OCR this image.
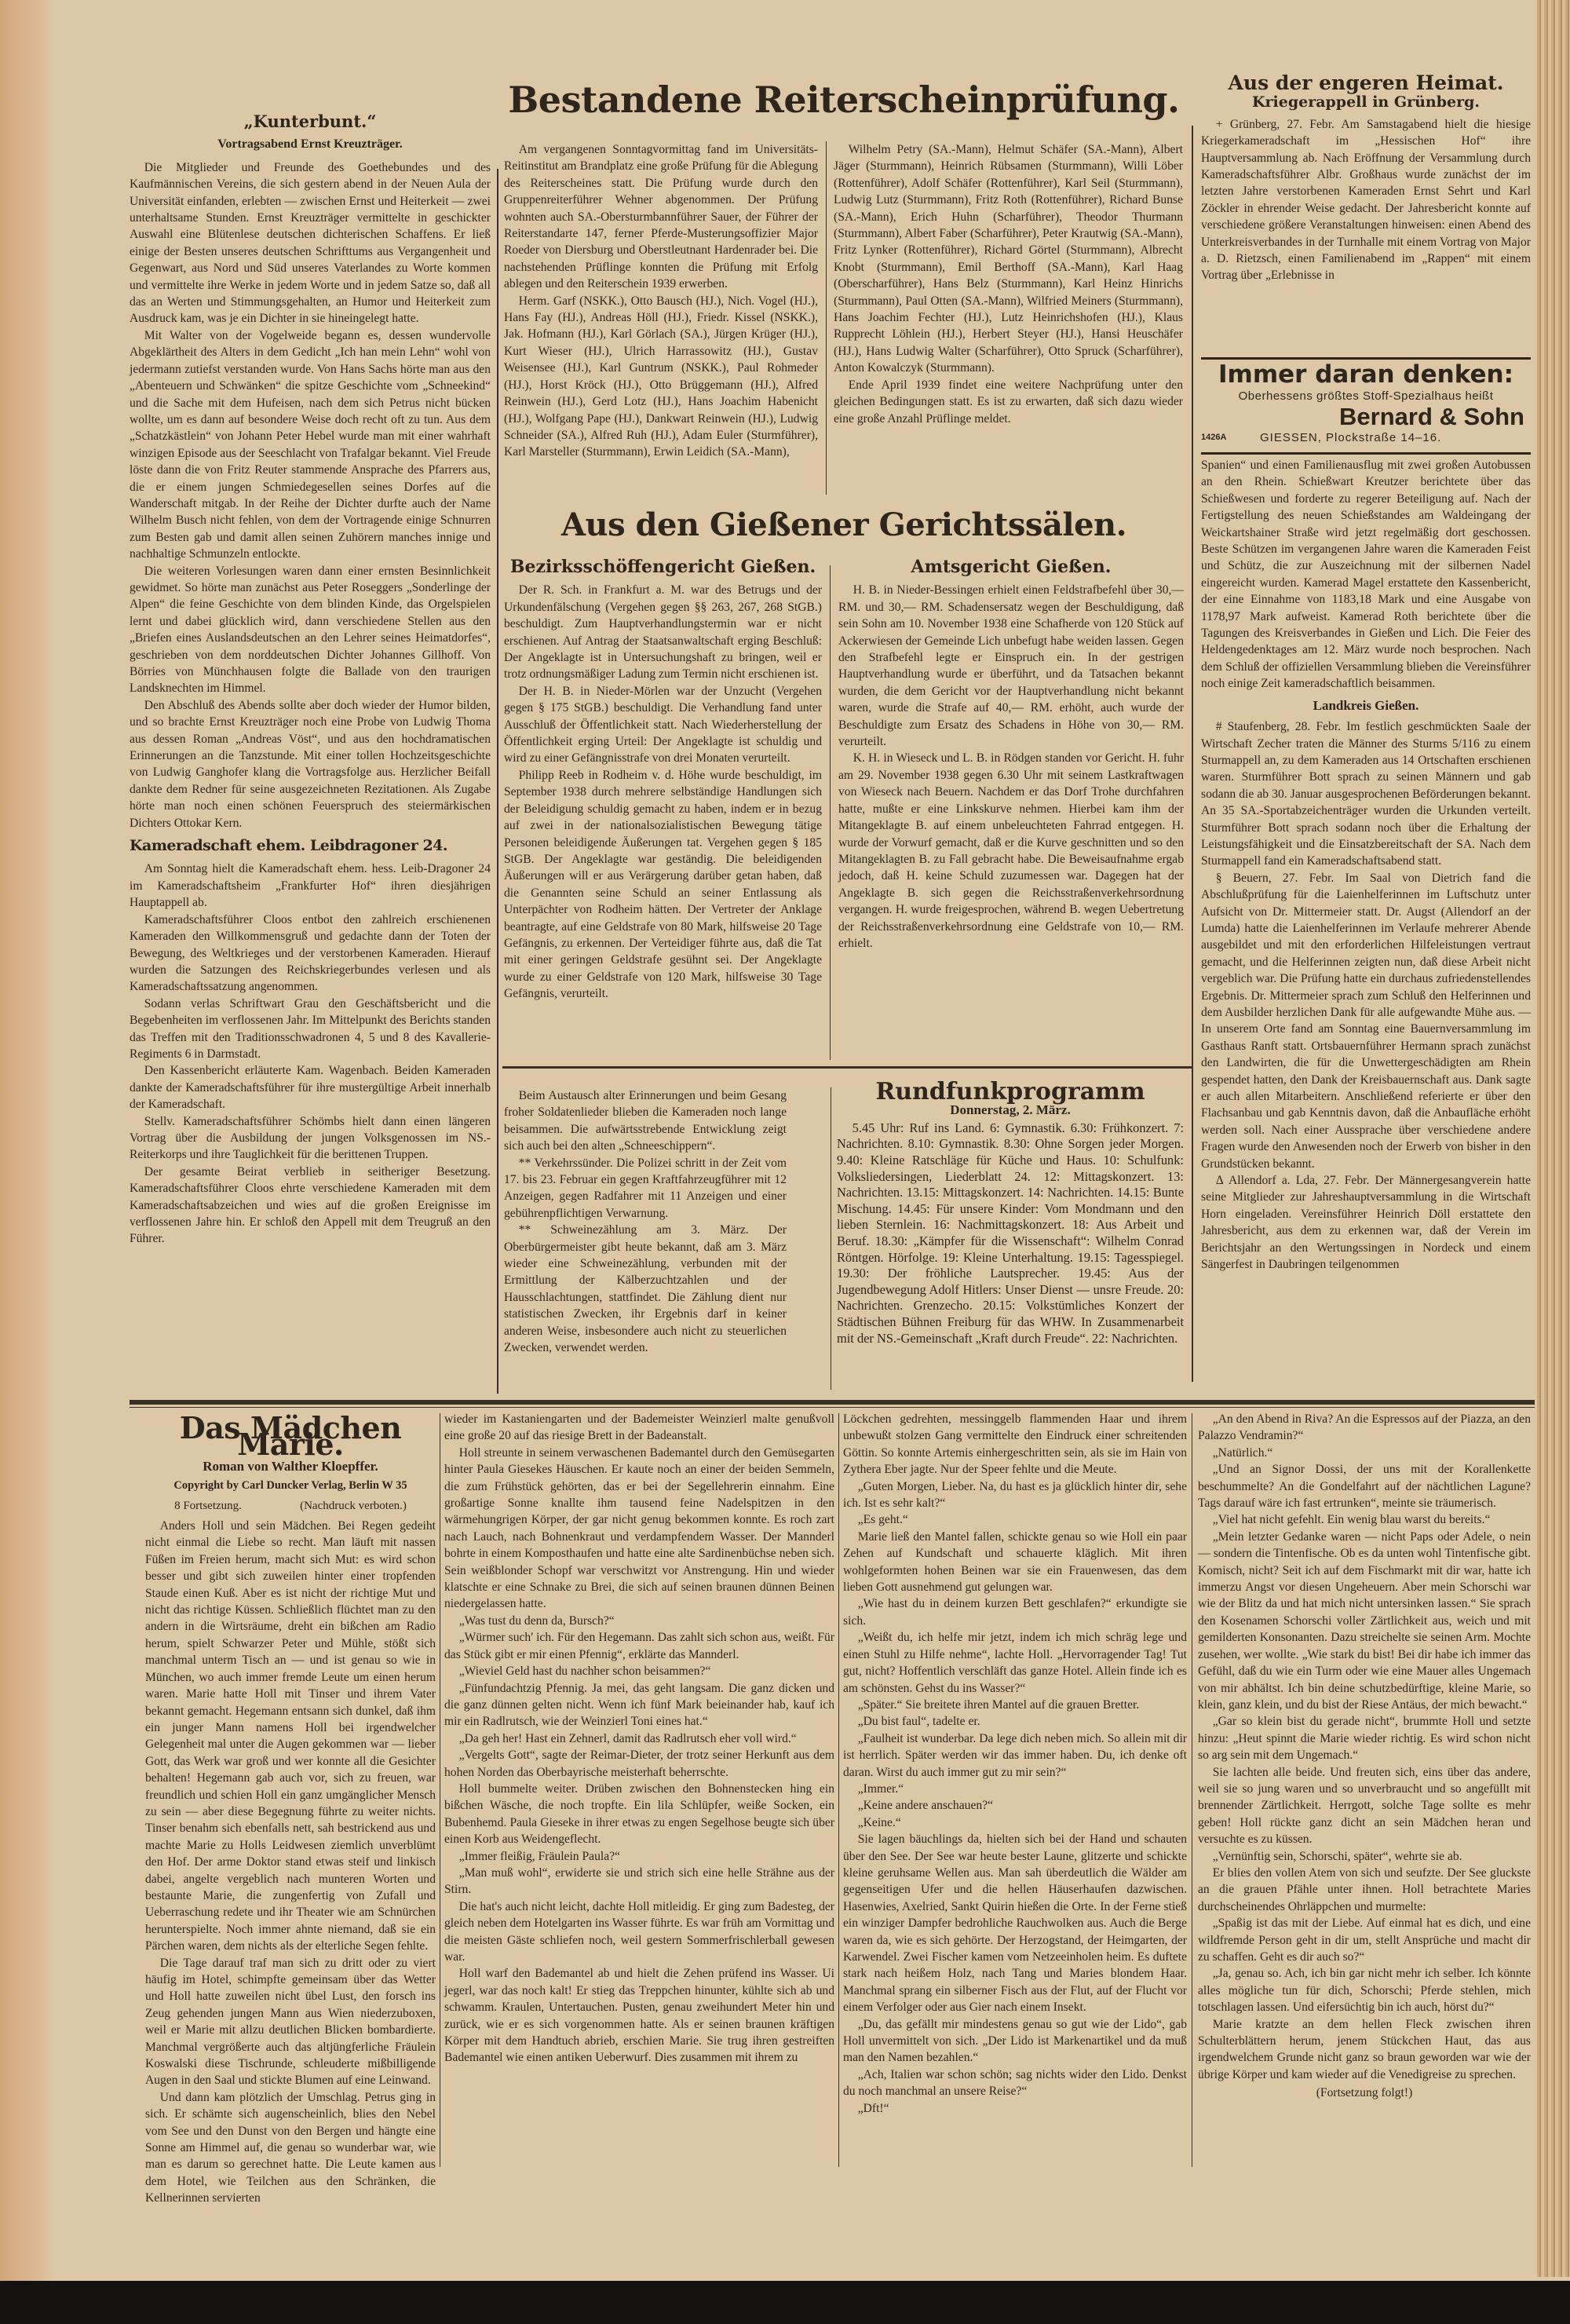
„Kunterbunt.“
Vortragsabend Ernst Kreuzträger.

Die Mitglieder und Freunde des Goethebundes und des Kaufmännischen Vereins, die sich gestern abend in der Neuen Aula der Universität einfanden, erlebten — zwischen Ernst und Heiterkeit — zwei unterhaltsame Stunden. Ernst Kreuzträger vermittelte in geschickter Auswahl eine Blütenlese deutschen dichterischen Schaffens. Er ließ einige der Besten unseres deutschen Schrifttums aus Vergangenheit und Gegenwart, aus Nord und Süd unseres Vaterlandes zu Worte kommen und vermittelte ihre Werke in jedem Worte und in jedem Satze so, daß all das an Werten und Stimmungsgehalten, an Humor und Heiterkeit zum Ausdruck kam, was je ein Dichter in sie hineingelegt hatte.

Mit Walter von der Vogelweide begann es, dessen wundervolle Abgeklärtheit des Alters in dem Gedicht „Ich han mein Lehn“ wohl von jedermann zutiefst verstanden wurde. Von Hans Sachs hörte man aus den „Abenteuern und Schwänken“ die spitze Geschichte vom „Schneekind“ und die Sache mit dem Hufeisen, nach dem sich Petrus nicht bücken wollte, um es dann auf besondere Weise doch recht oft zu tun. Aus dem „Schatzkästlein“ von Johann Peter Hebel wurde man mit einer wahrhaft winzigen Episode aus der Seeschlacht von Trafalgar bekannt. Viel Freude löste dann die von Fritz Reuter stammende Ansprache des Pfarrers aus, die er einem jungen Schmiedegesellen seines Dorfes auf die Wanderschaft mitgab. In der Reihe der Dichter durfte auch der Name Wilhelm Busch nicht fehlen, von dem der Vortragende einige Schnurren zum Besten gab und damit allen seinen Zuhörern manches innige und nachhaltige Schmunzeln entlockte.

Die weiteren Vorlesungen waren dann einer ernsten Besinnlichkeit gewidmet. So hörte man zunächst aus Peter Roseggers „Sonderlinge der Alpen“ die feine Geschichte von dem blinden Kinde, das Orgelspielen lernt und dabei glücklich wird, dann verschiedene Stellen aus den „Briefen eines Auslandsdeutschen an den Lehrer seines Heimatdorfes“, geschrieben von dem norddeutschen Dichter Johannes Gillhoff. Von Börries von Münchhausen folgte die Ballade von den traurigen Landsknechten im Himmel.

Den Abschluß des Abends sollte aber doch wieder der Humor bilden, und so brachte Ernst Kreuzträger noch eine Probe von Ludwig Thoma aus dessen Roman „Andreas Vöst“, und aus den hochdramatischen Erinnerungen an die Tanzstunde. Mit einer tollen Hochzeitsgeschichte von Ludwig Ganghofer klang die Vortragsfolge aus. Herzlicher Beifall dankte dem Redner für seine ausgezeichneten Rezitationen. Als Zugabe hörte man noch einen schönen Feuerspruch des steiermärkischen Dichters Ottokar Kern.

Kameradschaft ehem. Leibdragoner 24.

Am Sonntag hielt die Kameradschaft ehem. hess. Leib-Dragoner 24 im Kameradschaftsheim „Frankfurter Hof“ ihren diesjährigen Hauptappell ab.

Kameradschaftsführer Cloos entbot den zahlreich erschienenen Kameraden den Willkommensgruß und gedachte dann der Toten der Bewegung, des Weltkrieges und der verstorbenen Kameraden. Hierauf wurden die Satzungen des Reichskriegerbundes verlesen und als Kameradschaftssatzung angenommen.

Sodann verlas Schriftwart Grau den Geschäftsbericht und die Begebenheiten im verflossenen Jahr. Im Mittelpunkt des Berichts standen das Treffen mit den Traditionsschwadronen 4, 5 und 8 des Kavallerie-Regiments 6 in Darmstadt.

Den Kassenbericht erläuterte Kam. Wagenbach. Beiden Kameraden dankte der Kameradschaftsführer für ihre mustergültige Arbeit innerhalb der Kameradschaft.

Stellv. Kameradschaftsführer Schömbs hielt dann einen längeren Vortrag über die Ausbildung der jungen Volksgenossen im NS.-Reiterkorps und ihre Tauglichkeit für die berittenen Truppen.

Der gesamte Beirat verblieb in seitheriger Besetzung. Kameradschaftsführer Cloos ehrte verschiedene Kameraden mit dem Kameradschaftsabzeichen und wies auf die großen Ereignisse im verflossenen Jahre hin. Er schloß den Appell mit dem Treugruß an den Führer.

Bestandene Reiterscheinprüfung.

Am vergangenen Sonntagvormittag fand im Universitäts-Reitinstitut am Brandplatz eine große Prüfung für die Ablegung des Reiterscheines statt. Die Prüfung wurde durch den Gruppenreiterführer Wehner abgenommen. Der Prüfung wohnten auch SA.-Obersturmbannführer Sauer, der Führer der Reiterstandarte 147, ferner Pferde-Musterungsoffizier Major Roeder von Diersburg und Oberstleutnant Hardenrader bei. Die nachstehenden Prüflinge konnten die Prüfung mit Erfolg ablegen und den Reiterschein 1939 erwerben.

Herm. Garf (NSKK.), Otto Bausch (HJ.), Nich. Vogel (HJ.), Hans Fay (HJ.), Andreas Höll (HJ.), Friedr. Kissel (NSKK.), Jak. Hofmann (HJ.), Karl Görlach (SA.), Jürgen Krüger (HJ.), Kurt Wieser (HJ.), Ulrich Harrassowitz (HJ.), Gustav Weisensee (HJ.), Karl Guntrum (NSKK.), Paul Rohmeder (HJ.), Horst Kröck (HJ.), Otto Brüggemann (HJ.), Alfred Reinwein (HJ.), Gerd Lotz (HJ.), Hans Joachim Habenicht (HJ.), Wolfgang Pape (HJ.), Dankwart Reinwein (HJ.), Ludwig Schneider (SA.), Alfred Ruh (HJ.), Adam Euler (Sturmführer), Karl Marsteller (Sturmmann), Erwin Leidich (SA.-Mann),

Wilhelm Petry (SA.-Mann), Helmut Schäfer (SA.-Mann), Albert Jäger (Sturmmann), Heinrich Rübsamen (Sturmmann), Willi Löber (Rottenführer), Adolf Schäfer (Rottenführer), Karl Seil (Sturmmann), Ludwig Lutz (Sturmmann), Fritz Roth (Rottenführer), Richard Bunse (SA.-Mann), Erich Huhn (Scharführer), Theodor Thurmann (Sturmmann), Albert Faber (Scharführer), Peter Krautwig (SA.-Mann), Fritz Lynker (Rottenführer), Richard Görtel (Sturmmann), Albrecht Knobt (Sturmmann), Emil Berthoff (SA.-Mann), Karl Haag (Oberscharführer), Hans Belz (Sturmmann), Karl Heinz Hinrichs (Sturmmann), Paul Otten (SA.-Mann), Wilfried Meiners (Sturmmann), Hans Joachim Fechter (HJ.), Lutz Heinrichshofen (HJ.), Klaus Rupprecht Löhlein (HJ.), Herbert Steyer (HJ.), Hansi Heuschäfer (HJ.), Hans Ludwig Walter (Scharführer), Otto Spruck (Scharführer), Anton Kowalczyk (Sturmmann).

Ende April 1939 findet eine weitere Nachprüfung unter den gleichen Bedingungen statt. Es ist zu erwarten, daß sich dazu wieder eine große Anzahl Prüflinge meldet.

Aus den Gießener Gerichtssälen.
Bezirksschöffengericht Gießen.

Der R. Sch. in Frankfurt a. M. war des Betrugs und der Urkundenfälschung (Vergehen gegen §§ 263, 267, 268 StGB.) beschuldigt. Zum Hauptverhandlungstermin war er nicht erschienen. Auf Antrag der Staatsanwaltschaft erging Beschluß: Der Angeklagte ist in Untersuchungshaft zu bringen, weil er trotz ordnungsmäßiger Ladung zum Termin nicht erschienen ist.

Der H. B. in Nieder-Mörlen war der Unzucht (Vergehen gegen § 175 StGB.) beschuldigt. Die Verhandlung fand unter Ausschluß der Öffentlichkeit statt. Nach Wiederherstellung der Öffentlichkeit erging Urteil: Der Angeklagte ist schuldig und wird zu einer Gefängnisstrafe von drei Monaten verurteilt.

Philipp Reeb in Rodheim v. d. Höhe wurde beschuldigt, im September 1938 durch mehrere selbständige Handlungen sich der Beleidigung schuldig gemacht zu haben, indem er in bezug auf zwei in der nationalsozialistischen Bewegung tätige Personen beleidigende Äußerungen tat. Vergehen gegen § 185 StGB. Der Angeklagte war geständig. Die beleidigenden Äußerungen will er aus Verärgerung darüber getan haben, daß die Genannten seine Schuld an seiner Entlassung als Unterpächter von Rodheim hätten. Der Vertreter der Anklage beantragte, auf eine Geldstrafe von 80 Mark, hilfsweise 20 Tage Gefängnis, zu erkennen. Der Verteidiger führte aus, daß die Tat mit einer geringen Geldstrafe gesühnt sei. Der Angeklagte wurde zu einer Geldstrafe von 120 Mark, hilfsweise 30 Tage Gefängnis, verurteilt.

Amtsgericht Gießen.

H. B. in Nieder-Bessingen erhielt einen Feldstrafbefehl über 30,— RM. und 30,— RM. Schadensersatz wegen der Beschuldigung, daß sein Sohn am 10. November 1938 eine Schafherde von 120 Stück auf Ackerwiesen der Gemeinde Lich unbefugt habe weiden lassen. Gegen den Strafbefehl legte er Einspruch ein. In der gestrigen Hauptverhandlung wurde er überführt, und da Tatsachen bekannt wurden, die dem Gericht vor der Hauptverhandlung nicht bekannt waren, wurde die Strafe auf 40,— RM. erhöht, auch wurde der Beschuldigte zum Ersatz des Schadens in Höhe von 30,— RM. verurteilt.

K. H. in Wieseck und L. B. in Rödgen standen vor Gericht. H. fuhr am 29. November 1938 gegen 6.30 Uhr mit seinem Lastkraftwagen von Wieseck nach Beuern. Nachdem er das Dorf Trohe durchfahren hatte, mußte er eine Linkskurve nehmen. Hierbei kam ihm der Mitangeklagte B. auf einem unbeleuchteten Fahrrad entgegen. H. wurde der Vorwurf gemacht, daß er die Kurve geschnitten und so den Mitangeklagten B. zu Fall gebracht habe. Die Beweisaufnahme ergab jedoch, daß H. keine Schuld zuzumessen war. Dagegen hat der Angeklagte B. sich gegen die Reichsstraßenverkehrsordnung vergangen. H. wurde freigesprochen, während B. wegen Uebertretung der Reichsstraßenverkehrsordnung eine Geldstrafe von 10,— RM. erhielt.

Beim Austausch alter Erinnerungen und beim Gesang froher Soldatenlieder blieben die Kameraden noch lange beisammen. Die aufwärtsstrebende Entwicklung zeigt sich auch bei den alten „Schneeschippern“.

** Verkehrssünder. Die Polizei schritt in der Zeit vom 17. bis 23. Februar ein gegen Kraftfahrzeugführer mit 12 Anzeigen, gegen Radfahrer mit 11 Anzeigen und einer gebührenpflichtigen Verwarnung.

** Schweinezählung am 3. März. Der Oberbürgermeister gibt heute bekannt, daß am 3. März wieder eine Schweinezählung, verbunden mit der Ermittlung der Kälberzuchtzahlen und der Hausschlachtungen, stattfindet. Die Zählung dient nur statistischen Zwecken, ihr Ergebnis darf in keiner anderen Weise, insbesondere auch nicht zu steuerlichen Zwecken, verwendet werden.

Rundfunkprogramm
Donnerstag, 2. März.

5.45 Uhr: Ruf ins Land. 6: Gymnastik. 6.30: Frühkonzert. 7: Nachrichten. 8.10: Gymnastik. 8.30: Ohne Sorgen jeder Morgen. 9.40: Kleine Ratschläge für Küche und Haus. 10: Schulfunk: Volksliedersingen, Liederblatt 24. 12: Mittagskonzert. 13: Nachrichten. 13.15: Mittagskonzert. 14: Nachrichten. 14.15: Bunte Mischung. 14.45: Für unsere Kinder: Vom Mondmann und den lieben Sternlein. 16: Nachmittagskonzert. 18: Aus Arbeit und Beruf. 18.30: „Kämpfer für die Wissenschaft“: Wilhelm Conrad Röntgen. Hörfolge. 19: Kleine Unterhaltung. 19.15: Tagesspiegel. 19.30: Der fröhliche Lautsprecher. 19.45: Aus der Jugendbewegung Adolf Hitlers: Unser Dienst — unsre Freude. 20: Nachrichten. Grenzecho. 20.15: Volkstümliches Konzert der Städtischen Bühnen Freiburg für das WHW. In Zusammenarbeit mit der NS.-Gemeinschaft „Kraft durch Freude“. 22: Nachrichten.

Aus der engeren Heimat.
Kriegerappell in Grünberg.

+ Grünberg, 27. Febr. Am Samstagabend hielt die hiesige Kriegerkameradschaft im „Hessischen Hof“ ihre Hauptversammlung ab. Nach Eröffnung der Versammlung durch Kameradschaftsführer Albr. Großhaus wurde zunächst der im letzten Jahre verstorbenen Kameraden Ernst Sehrt und Karl Zöckler in ehrender Weise gedacht. Der Jahresbericht konnte auf verschiedene größere Veranstaltungen hinweisen: einen Abend des Unterkreisverbandes in der Turnhalle mit einem Vortrag von Major a. D. Rietzsch, einen Familienabend im „Rappen“ mit einem Vortrag über „Erlebnisse in

Immer daran denken:
Oberhessens größtes Stoff-Spezialhaus heißt
Bernard & Sohn
1426A	GIESSEN, Plockstraße 14–16.

Spanien“ und einen Familienausflug mit zwei großen Autobussen an den Rhein. Schießwart Kreutzer berichtete über das Schießwesen und forderte zu regerer Beteiligung auf. Nach der Fertigstellung des neuen Schießstandes am Waldeingang der Weickartshainer Straße wird jetzt regelmäßig dort geschossen. Beste Schützen im vergangenen Jahre waren die Kameraden Feist und Schütz, die zur Auszeichnung mit der silbernen Nadel eingereicht wurden. Kamerad Magel erstattete den Kassenbericht, der eine Einnahme von 1183,18 Mark und eine Ausgabe von 1178,97 Mark aufweist. Kamerad Roth berichtete über die Tagungen des Kreisverbandes in Gießen und Lich. Die Feier des Heldengedenktages am 12. März wurde noch besprochen. Nach dem Schluß der offiziellen Versammlung blieben die Vereinsführer noch einige Zeit kameradschaftlich beisammen.

Landkreis Gießen.

# Staufenberg, 28. Febr. Im festlich geschmückten Saale der Wirtschaft Zecher traten die Männer des Sturms 5/116 zu einem Sturmappell an, zu dem Kameraden aus 14 Ortschaften erschienen waren. Sturmführer Bott sprach zu seinen Männern und gab sodann die ab 30. Januar ausgesprochenen Beförderungen bekannt. An 35 SA.-Sportabzeichenträger wurden die Urkunden verteilt. Sturmführer Bott sprach sodann noch über die Erhaltung der Leistungsfähigkeit und die Einsatzbereitschaft der SA. Nach dem Sturmappell fand ein Kameradschaftsabend statt.

§ Beuern, 27. Febr. Im Saal von Dietrich fand die Abschlußprüfung für die Laienhelferinnen im Luftschutz unter Aufsicht von Dr. Mittermeier statt. Dr. Augst (Allendorf an der Lumda) hatte die Laienhelferinnen im Verlaufe mehrerer Abende ausgebildet und mit den erforderlichen Hilfeleistungen vertraut gemacht, und die Helferinnen zeigten nun, daß diese Arbeit nicht vergeblich war. Die Prüfung hatte ein durchaus zufriedenstellendes Ergebnis. Dr. Mittermeier sprach zum Schluß den Helferinnen und dem Ausbilder herzlichen Dank für alle aufgewandte Mühe aus. — In unserem Orte fand am Sonntag eine Bauernversammlung im Gasthaus Ranft statt. Ortsbauernführer Hermann sprach zunächst den Landwirten, die für die Unwettergeschädigten am Rhein gespendet hatten, den Dank der Kreisbauernschaft aus. Dank sagte er auch allen Mitarbeitern. Anschließend referierte er über den Flachsanbau und gab Kenntnis davon, daß die Anbaufläche erhöht werden soll. Nach einer Aussprache über verschiedene andere Fragen wurde den Anwesenden noch der Erwerb von bisher in den Grundstücken bekannt.

Δ Allendorf a. Lda, 27. Febr. Der Männergesangverein hatte seine Mitglieder zur Jahreshauptversammlung in die Wirtschaft Horn eingeladen. Vereinsführer Heinrich Döll erstattete den Jahresbericht, aus dem zu erkennen war, daß der Verein im Berichtsjahr an den Wertungssingen in Nordeck und einem Sängerfest in Daubringen teilgenommen

Das Mädchen Marie.
Roman von Walther Kloepffer.
Copyright by Carl Duncker Verlag, Berlin W 35
8 Fortsetzung.	(Nachdruck verboten.)

Anders Holl und sein Mädchen. Bei Regen gedeiht nicht einmal die Liebe so recht. Man läuft mit nassen Füßen im Freien herum, macht sich Mut: es wird schon besser und gibt sich zuweilen hinter einer tropfenden Staude einen Kuß. Aber es ist nicht der richtige Mut und nicht das richtige Küssen. Schließlich flüchtet man zu den andern in die Wirtsräume, dreht ein bißchen am Radio herum, spielt Schwarzer Peter und Mühle, stößt sich manchmal unterm Tisch an — und ist genau so wie in München, wo auch immer fremde Leute um einen herum waren. Marie hatte Holl mit Tinser und ihrem Vater bekannt gemacht. Hegemann entsann sich dunkel, daß ihm ein junger Mann namens Holl bei irgendwelcher Gelegenheit mal unter die Augen gekommen war — lieber Gott, das Werk war groß und wer konnte all die Gesichter behalten! Hegemann gab auch vor, sich zu freuen, war freundlich und schien Holl ein ganz umgänglicher Mensch zu sein — aber diese Begegnung führte zu weiter nichts. Tinser benahm sich ebenfalls nett, sah bestrickend aus und machte Marie zu Holls Leidwesen ziemlich unverblümt den Hof. Der arme Doktor stand etwas steif und linkisch dabei, angelte vergeblich nach munteren Worten und bestaunte Marie, die zungenfertig von Zufall und Ueberraschung redete und ihr Theater wie am Schnürchen herunterspielte. Noch immer ahnte niemand, daß sie ein Pärchen waren, dem nichts als der elterliche Segen fehlte.

Die Tage darauf traf man sich zu dritt oder zu viert häufig im Hotel, schimpfte gemeinsam über das Wetter und Holl hatte zuweilen nicht übel Lust, den forsch ins Zeug gehenden jungen Mann aus Wien niederzuboxen, weil er Marie mit allzu deutlichen Blicken bombardierte. Manchmal vergrößerte auch das altjüngferliche Fräulein Koswalski diese Tischrunde, schleuderte mißbilligende Augen in den Saal und stickte Blumen auf eine Leinwand.

Und dann kam plötzlich der Umschlag. Petrus ging in sich. Er schämte sich augenscheinlich, blies den Nebel vom See und den Dunst von den Bergen und hängte eine Sonne am Himmel auf, die genau so wunderbar war, wie man es darum so gerechnet hatte. Die Leute kamen aus dem Hotel, wie Teilchen aus den Schränken, die Kellnerinnen servierten

wieder im Kastaniengarten und der Bademeister Weinzierl malte genußvoll eine große 20 auf das riesige Brett in der Badeanstalt.

Holl streunte in seinem verwaschenen Bademantel durch den Gemüsegarten hinter Paula Giesekes Häuschen. Er kaute noch an einer der beiden Semmeln, die zum Frühstück gehörten, das er bei der Segellehrerin einnahm. Eine großartige Sonne knallte ihm tausend feine Nadelspitzen in den wärmehungrigen Körper, der gar nicht genug bekommen konnte. Es roch zart nach Lauch, nach Bohnenkraut und verdampfendem Wasser. Der Mannderl bohrte in einem Komposthaufen und hatte eine alte Sardinenbüchse neben sich. Sein weißblonder Schopf war verschwitzt vor Anstrengung. Hin und wieder klatschte er eine Schnake zu Brei, die sich auf seinen braunen dünnen Beinen niedergelassen hatte.

„Was tust du denn da, Bursch?“

„Würmer such' ich. Für den Hegemann. Das zahlt sich schon aus, weißt. Für das Stück gibt er mir einen Pfennig“, erklärte das Mannderl.

„Wieviel Geld hast du nachher schon beisammen?“

„Fünfundachtzig Pfennig. Ja mei, das geht langsam. Die ganz dicken und die ganz dünnen gelten nicht. Wenn ich fünf Mark beieinander hab, kauf ich mir ein Radlrutsch, wie der Weinzierl Toni eines hat.“

„Da geh her! Hast ein Zehnerl, damit das Radlrutsch eher voll wird.“

„Vergelts Gott“, sagte der Reimar-Dieter, der trotz seiner Herkunft aus dem hohen Norden das Oberbayrische meisterhaft beherrschte.

Holl bummelte weiter. Drüben zwischen den Bohnenstecken hing ein bißchen Wäsche, die noch tropfte. Ein lila Schlüpfer, weiße Socken, ein Bubenhemd. Paula Gieseke in ihrer etwas zu engen Segelhose beugte sich über einen Korb aus Weidengeflecht.

„Immer fleißig, Fräulein Paula?“

„Man muß wohl“, erwiderte sie und strich sich eine helle Strähne aus der Stirn.

Die hat's auch nicht leicht, dachte Holl mitleidig. Er ging zum Badesteg, der gleich neben dem Hotelgarten ins Wasser führte. Es war früh am Vormittag und die meisten Gäste schliefen noch, weil gestern Sommerfrischlerball gewesen war.

Holl warf den Bademantel ab und hielt die Zehen prüfend ins Wasser. Ui jegerl, war das noch kalt! Er stieg das Treppchen hinunter, kühlte sich ab und schwamm. Kraulen, Untertauchen. Pusten, genau zweihundert Meter hin und zurück, wie er es sich vorgenommen hatte. Als er seinen braunen kräftigen Körper mit dem Handtuch abrieb, erschien Marie. Sie trug ihren gestreiften Bademantel wie einen antiken Ueberwurf. Dies zusammen mit ihrem zu

Löckchen gedrehten, messinggelb flammenden Haar und ihrem unbewußt stolzen Gang vermittelte den Eindruck einer schreitenden Göttin. So konnte Artemis einhergeschritten sein, als sie im Hain von Zythera Eber jagte. Nur der Speer fehlte und die Meute.

„Guten Morgen, Lieber. Na, du hast es ja glücklich hinter dir, sehe ich. Ist es sehr kalt?“

„Es geht.“

Marie ließ den Mantel fallen, schickte genau so wie Holl ein paar Zehen auf Kundschaft und schauerte kläglich. Mit ihren wohlgeformten hohen Beinen war sie ein Frauenwesen, das dem lieben Gott ausnehmend gut gelungen war.

„Wie hast du in deinem kurzen Bett geschlafen?“ erkundigte sie sich.

„Weißt du, ich helfe mir jetzt, indem ich mich schräg lege und einen Stuhl zu Hilfe nehme“, lachte Holl. „Hervorragender Tag! Tut gut, nicht? Hoffentlich verschläft das ganze Hotel. Allein finde ich es am schönsten. Gehst du ins Wasser?“

„Später.“ Sie breitete ihren Mantel auf die grauen Bretter.

„Du bist faul“, tadelte er.

„Faulheit ist wunderbar. Da lege dich neben mich. So allein mit dir ist herrlich. Später werden wir das immer haben. Du, ich denke oft daran. Wirst du auch immer gut zu mir sein?“

„Immer.“

„Keine andere anschauen?“

„Keine.“

Sie lagen bäuchlings da, hielten sich bei der Hand und schauten über den See. Der See war heute bester Laune, glitzerte und schickte kleine geruhsame Wellen aus. Man sah überdeutlich die Wälder am gegenseitigen Ufer und die hellen Häuserhaufen dazwischen. Hasenwies, Axelried, Sankt Quirin hießen die Orte. In der Ferne stieß ein winziger Dampfer bedrohliche Rauchwolken aus. Auch die Berge waren da, wie es sich gehörte. Der Herzogstand, der Heimgarten, der Karwendel. Zwei Fischer kamen vom Netzeeinholen heim. Es duftete stark nach heißem Holz, nach Tang und Maries blondem Haar. Manchmal sprang ein silberner Fisch aus der Flut, auf der Flucht vor einem Verfolger oder aus Gier nach einem Insekt.

„Du, das gefällt mir mindestens genau so gut wie der Lido“, gab Holl unvermittelt von sich. „Der Lido ist Markenartikel und da muß man den Namen bezahlen.“

„Ach, Italien war schon schön; sag nichts wider den Lido. Denkst du noch manchmal an unsere Reise?“

„Dft!“

„An den Abend in Riva? An die Espressos auf der Piazza, an den Palazzo Vendramin?“

„Natürlich.“

„Und an Signor Dossi, der uns mit der Korallenkette beschummelte? An die Gondelfahrt auf der nächtlichen Lagune? Tags darauf wäre ich fast ertrunken“, meinte sie träumerisch.

„Viel hat nicht gefehlt. Ein wenig blau warst du bereits.“

„Mein letzter Gedanke waren — nicht Paps oder Adele, o nein — sondern die Tintenfische. Ob es da unten wohl Tintenfische gibt. Komisch, nicht? Seit ich auf dem Fischmarkt mit dir war, hatte ich immerzu Angst vor diesen Ungeheuern. Aber mein Schorschi war wie der Blitz da und hat mich nicht untersinken lassen.“ Sie sprach den Kosenamen Schorschi voller Zärtlichkeit aus, weich und mit gemilderten Konsonanten. Dazu streichelte sie seinen Arm. Mochte zusehen, wer wollte. „Wie stark du bist! Bei dir habe ich immer das Gefühl, daß du wie ein Turm oder wie eine Mauer alles Ungemach von mir abhältst. Ich bin deine schutzbedürftige, kleine Marie, so klein, ganz klein, und du bist der Riese Antäus, der mich bewacht.“

„Gar so klein bist du gerade nicht“, brummte Holl und setzte hinzu: „Heut spinnt die Marie wieder richtig. Es wird schon nicht so arg sein mit dem Ungemach.“

Sie lachten alle beide. Und freuten sich, eins über das andere, weil sie so jung waren und so unverbraucht und so angefüllt mit brennender Zärtlichkeit. Herrgott, solche Tage sollte es mehr geben! Holl rückte ganz dicht an sein Mädchen heran und versuchte es zu küssen.

„Vernünftig sein, Schorschi, später“, wehrte sie ab.

Er blies den vollen Atem von sich und seufzte. Der See gluckste an die grauen Pfähle unter ihnen. Holl betrachtete Maries durchscheinendes Ohrläppchen und murmelte:

„Spaßig ist das mit der Liebe. Auf einmal hat es dich, und eine wildfremde Person geht in dir um, stellt Ansprüche und macht dir zu schaffen. Geht es dir auch so?“

„Ja, genau so. Ach, ich bin gar nicht mehr ich selber. Ich könnte alles mögliche tun für dich, Schorschi; Pferde stehlen, mich totschlagen lassen. Und eifersüchtig bin ich auch, hörst du?“

Marie kratzte an dem hellen Fleck zwischen ihren Schulterblättern herum, jenem Stückchen Haut, das aus irgendwelchem Grunde nicht ganz so braun geworden war wie der übrige Körper und kam wieder auf die Venedigreise zu sprechen.

(Fortsetzung folgt!)
